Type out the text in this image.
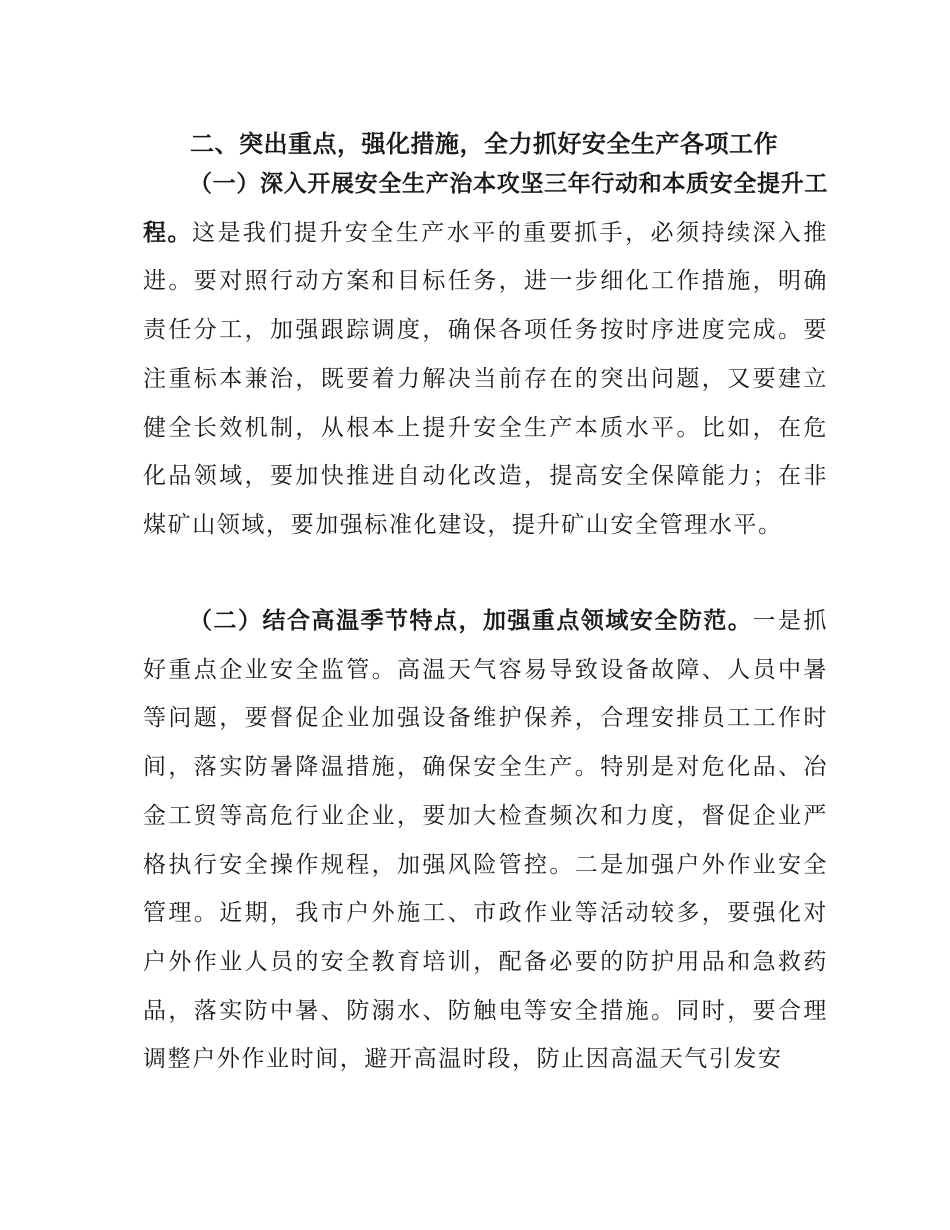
二、突出重点，强化措施，全力抓好安全生产各项工作

（一）深入开展安全生产治本攻坚三年行动和本质安全提升工程。这是我们提升安全生产水平的重要抓手，必须持续深入推进。要对照行动方案和目标任务，进一步细化工作措施，明确责任分工，加强跟踪调度，确保各项任务按时序进度完成。要注重标本兼治，既要着力解决当前存在的突出问题，又要建立健全长效机制，从根本上提升安全生产本质水平。比如，在危化品领域，要加快推进自动化改造，提高安全保障能力；在非煤矿山领域，要加强标准化建设，提升矿山安全管理水平。

（二）结合高温季节特点，加强重点领域安全防范。一是抓好重点企业安全监管。高温天气容易导致设备故障、人员中暑等问题，要督促企业加强设备维护保养，合理安排员工工作时间，落实防暑降温措施，确保安全生产。特别是对危化品、冶金工贸等高危行业企业，要加大检查频次和力度，督促企业严格执行安全操作规程，加强风险管控。二是加强户外作业安全管理。近期，我市户外施工、市政作业等活动较多，要强化对户外作业人员的安全教育培训，配备必要的防护用品和急救药品，落实防中暑、防溺水、防触电等安全措施。同时，要合理调整户外作业时间，避开高温时段，防止因高温天气引发安
